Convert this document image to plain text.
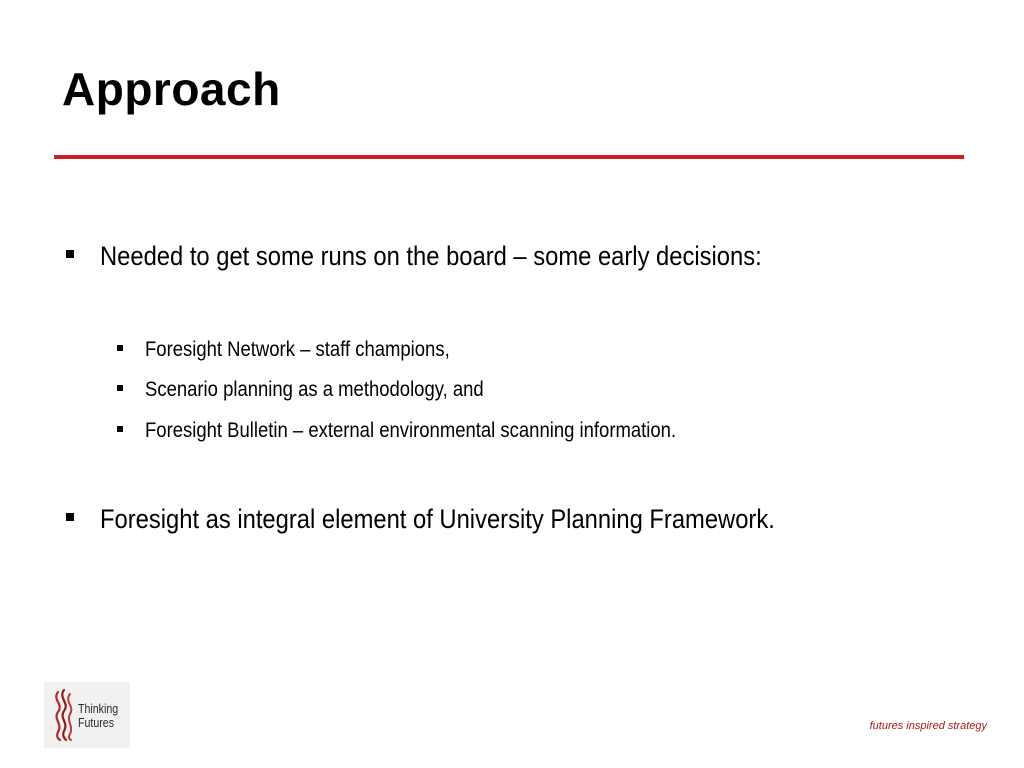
Approach
Needed to get some runs on the board – some early decisions:
Foresight Network – staff champions,
Scenario planning as a methodology, and
Foresight Bulletin – external environmental scanning information.
Foresight as integral element of University Planning Framework.
Thinking
Futures	futures inspired strategy
